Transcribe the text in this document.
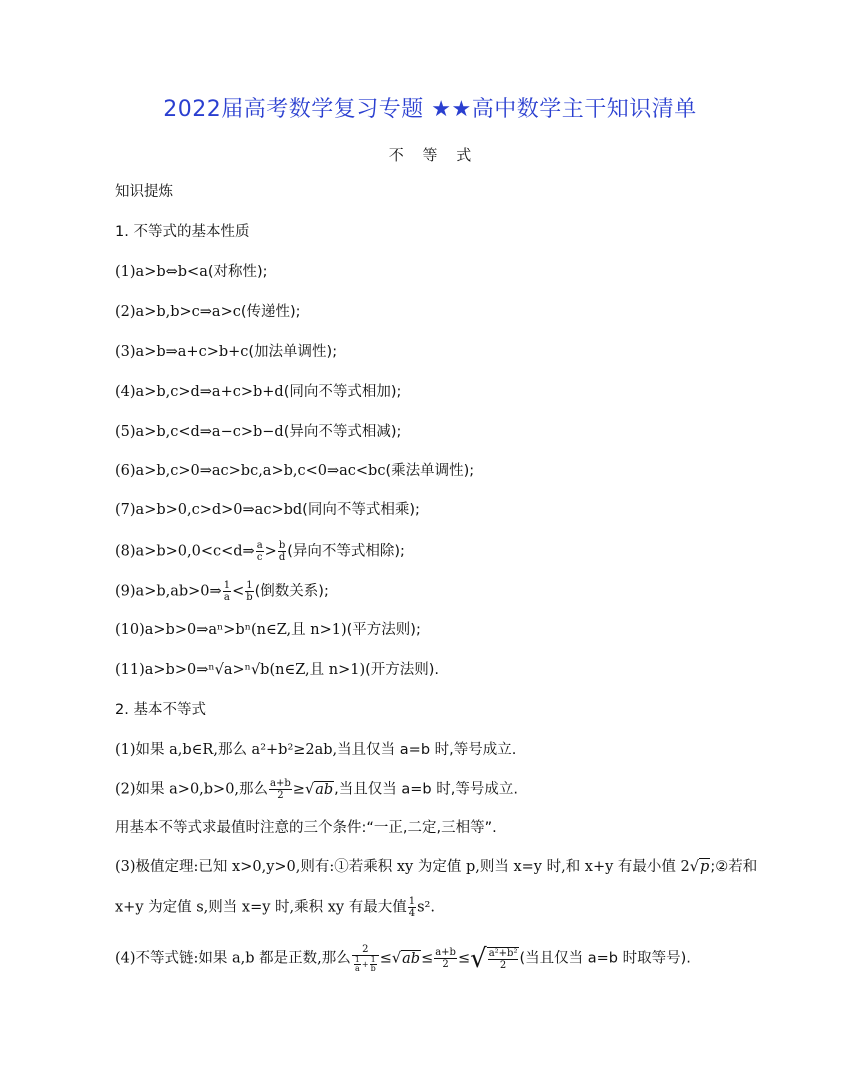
2022届高考数学复习专题 ★★高中数学主干知识清单
不 等 式
知识提炼
1. 不等式的基本性质
(1)a>b⇔b<a(对称性);
(2)a>b,b>c⇒a>c(传递性);
(3)a>b⇒a+c>b+c(加法单调性);
(4)a>b,c>d⇒a+c>b+d(同向不等式相加);
(5)a>b,c<d⇒a−c>b−d(异向不等式相减);
(6)a>b,c>0⇒ac>bc,a>b,c<0⇒ac<bc(乘法单调性);
(7)a>b>0,c>d>0⇒ac>bd(同向不等式相乘);
(8)a>b>0,0<c<d⇒ $\frac{a}{c} > \frac{b}{d}$ (异向不等式相除);
(9)a>b,ab>0⇒ $\frac{1}{a} < \frac{1}{b}$ (倒数关系);
(10)a>b>0⇒aⁿ>bⁿ(n∈Z,且 n>1)(平方法则);
(11)a>b>0⇒ⁿ√a>ⁿ√b(n∈Z,且 n>1)(开方法则).
2. 基本不等式
(1)如果 a,b∈R,那么 a²+b²≥2ab,当且仅当 a=b 时,等号成立.
(2)如果 a>0,b>0,那么 $\frac{a+b}{2} \ge√ab$,当且仅当 a=b 时,等号成立.
用基本不等式求最值时注意的三个条件:“一正,二定,三相等”.
(3)极值定理:已知 x>0,y>0,则有:①若乘积 xy 为定值 p,则当 x=y 时,和 x+y 有最小值 2√p;②若和
x+y 为定值 s,则当 x=y 时,乘积 xy 有最大值 $\frac{1}{4} s^2$.
(4)不等式链:如果 a,b 都是正数,那么 $\frac{2}{\frac{1}{a} + \frac{1}{b}} \le√ab\le \frac{a+b}{2}$ ≤√ $\frac{\text{a²+b²}}{2}$ (当且仅当 a=b 时取等号).
